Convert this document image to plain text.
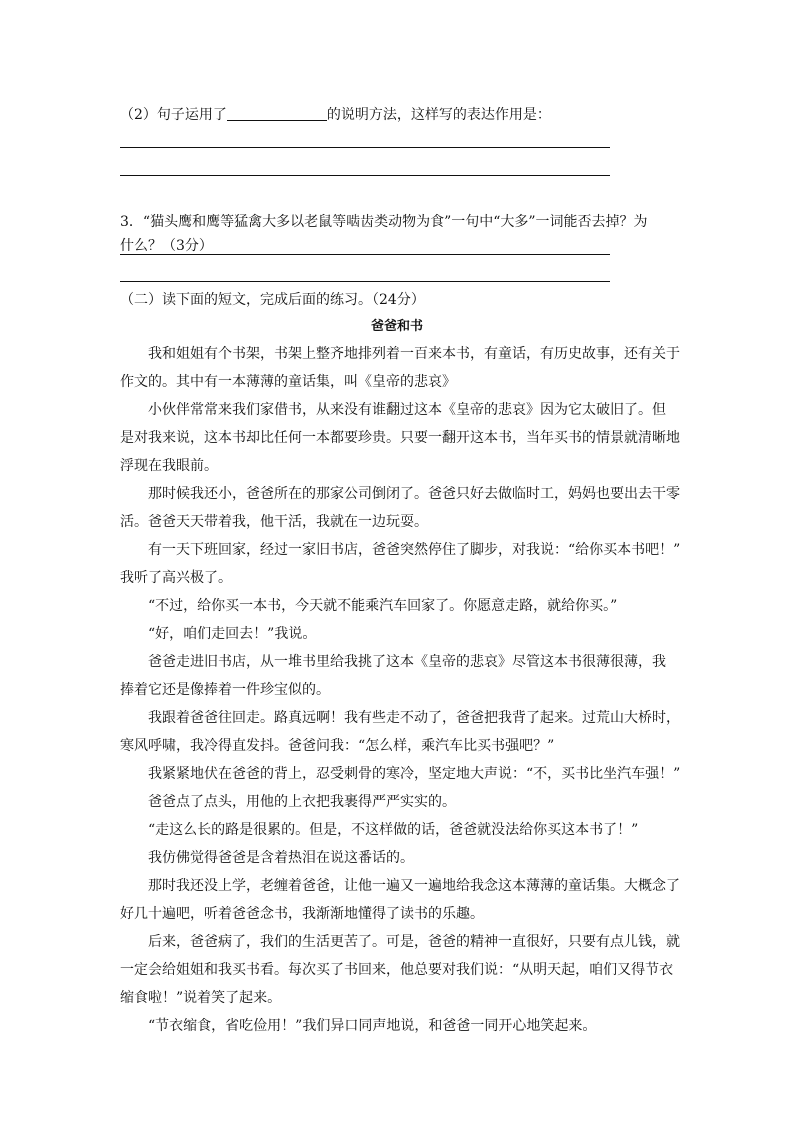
（2）句子运用了	的说明方法，这样写的表达作用是：
3．“猫头鹰和鹰等猛禽大多以老鼠等啮齿类动物为食”一句中“大多”一词能否去掉？为
什么？（3分）
（二）读下面的短文，完成后面的练习。（24分）
爸爸和书
我和姐姐有个书架，书架上整齐地排列着一百来本书，有童话，有历史故事，还有关于
作文的。其中有一本薄薄的童话集，叫《皇帝的悲哀》
小伙伴常常来我们家借书，从来没有谁翻过这本《皇帝的悲哀》因为它太破旧了。但
是对我来说，这本书却比任何一本都要珍贵。只要一翻开这本书，当年买书的情景就清晰地
浮现在我眼前。
那时候我还小，爸爸所在的那家公司倒闭了。爸爸只好去做临时工，妈妈也要出去干零
活。爸爸天天带着我，他干活，我就在一边玩耍。
有一天下班回家，经过一家旧书店，爸爸突然停住了脚步，对我说：“给你买本书吧！”
我听了高兴极了。
“不过，给你买一本书，今天就不能乘汽车回家了。你愿意走路，就给你买。”
“好，咱们走回去！”我说。
爸爸走进旧书店，从一堆书里给我挑了这本《皇帝的悲哀》尽管这本书很薄很薄，我
捧着它还是像捧着一件珍宝似的。
我跟着爸爸往回走。路真远啊！我有些走不动了，爸爸把我背了起来。过荒山大桥时，
寒风呼啸，我冷得直发抖。爸爸问我：“怎么样，乘汽车比买书强吧？”
我紧紧地伏在爸爸的背上，忍受刺骨的寒冷，坚定地大声说：“不，买书比坐汽车强！”
爸爸点了点头，用他的上衣把我裹得严严实实的。
“走这么长的路是很累的。但是，不这样做的话，爸爸就没法给你买这本书了！”
我仿佛觉得爸爸是含着热泪在说这番话的。
那时我还没上学，老缠着爸爸，让他一遍又一遍地给我念这本薄薄的童话集。大概念了
好几十遍吧，听着爸爸念书，我渐渐地懂得了读书的乐趣。
后来，爸爸病了，我们的生活更苦了。可是，爸爸的精神一直很好，只要有点儿钱，就
一定会给姐姐和我买书看。每次买了书回来，他总要对我们说：“从明天起，咱们又得节衣
缩食啦！”说着笑了起来。
“节衣缩食，省吃俭用！”我们异口同声地说，和爸爸一同开心地笑起来。
